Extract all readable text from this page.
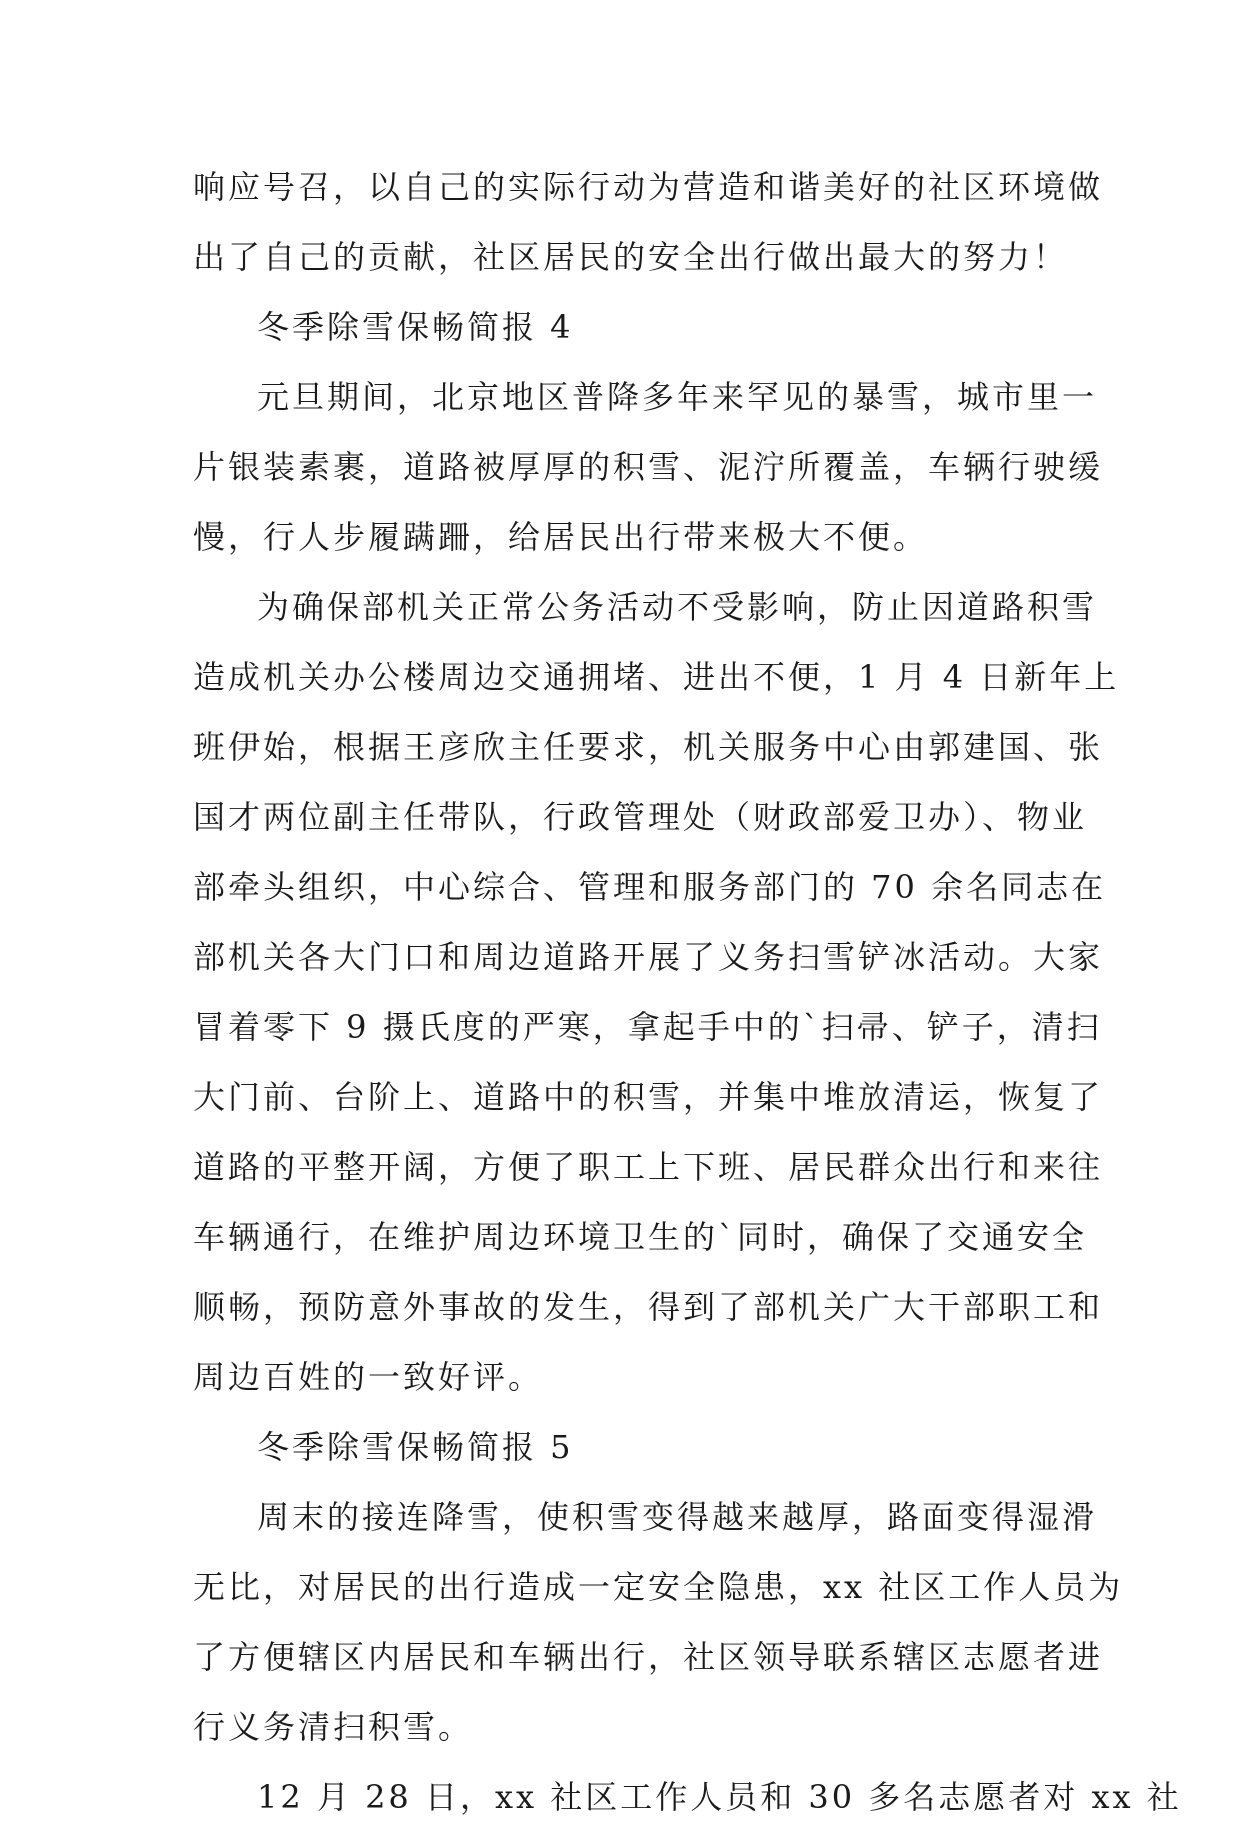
响应号召，以自己的实际行动为营造和谐美好的社区环境做
出了自己的贡献，社区居民的安全出行做出最大的努力！
冬季除雪保畅简报 4
元旦期间，北京地区普降多年来罕见的暴雪，城市里一
片银装素裹，道路被厚厚的积雪、泥泞所覆盖，车辆行驶缓
慢，行人步履蹒跚，给居民出行带来极大不便。
为确保部机关正常公务活动不受影响，防止因道路积雪
造成机关办公楼周边交通拥堵、进出不便，1 月 4 日新年上
班伊始，根据王彦欣主任要求，机关服务中心由郭建国、张
国才两位副主任带队，行政管理处（财政部爱卫办）、物业
部牵头组织，中心综合、管理和服务部门的 70 余名同志在
部机关各大门口和周边道路开展了义务扫雪铲冰活动。大家
冒着零下 9 摄氏度的严寒，拿起手中的`扫帚、铲子，清扫
大门前、台阶上、道路中的积雪，并集中堆放清运，恢复了
道路的平整开阔，方便了职工上下班、居民群众出行和来往
车辆通行，在维护周边环境卫生的`同时，确保了交通安全
顺畅，预防意外事故的发生，得到了部机关广大干部职工和
周边百姓的一致好评。
冬季除雪保畅简报 5
周末的接连降雪，使积雪变得越来越厚，路面变得湿滑
无比，对居民的出行造成一定安全隐患，xx 社区工作人员为
了方便辖区内居民和车辆出行，社区领导联系辖区志愿者进
行义务清扫积雪。
12 月 28 日，xx 社区工作人员和 30 多名志愿者对 xx 社
